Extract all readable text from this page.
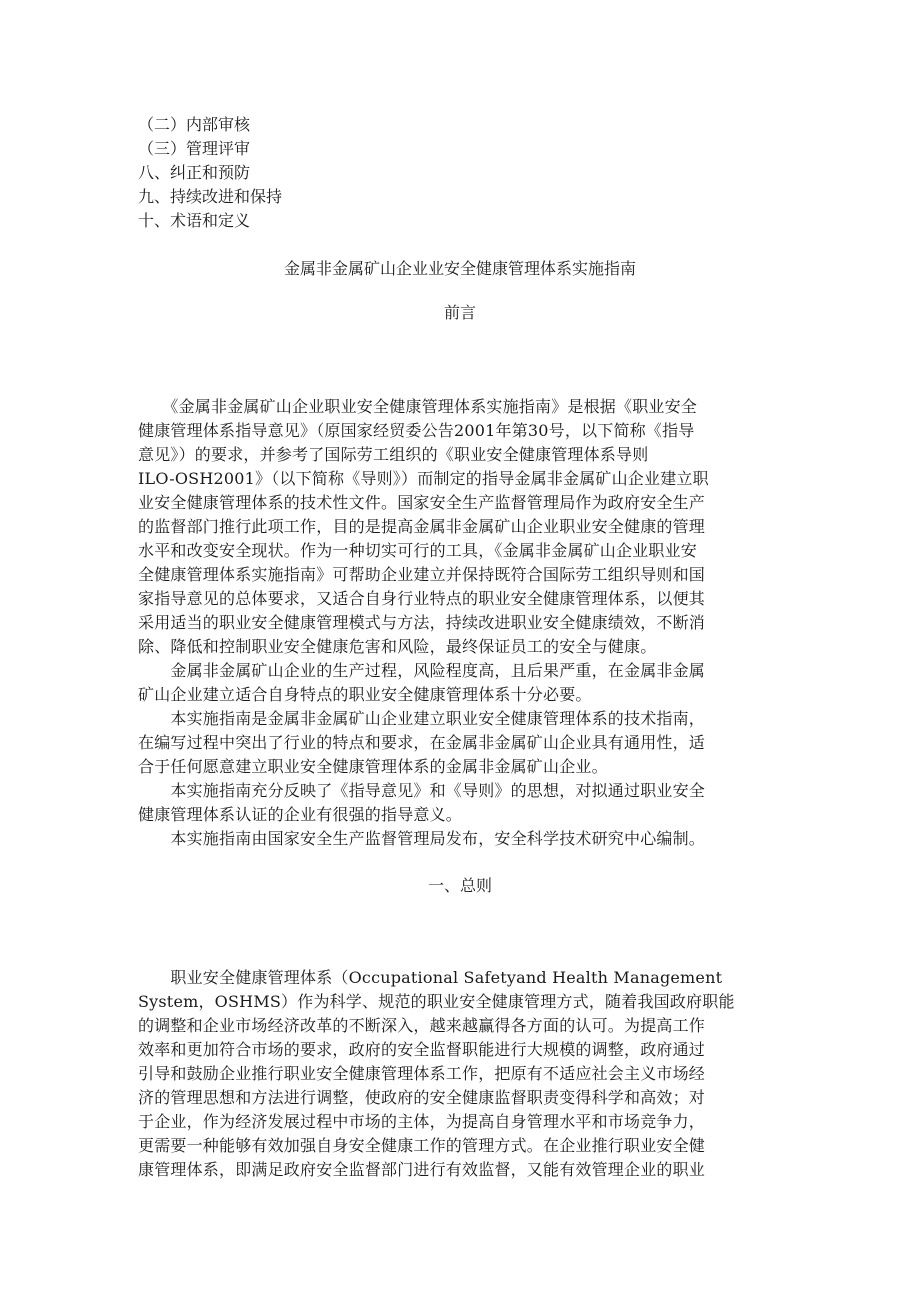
（二）内部审核
（三）管理评审
八、纠正和预防
九、持续改进和保持
十、术语和定义
金属非金属矿山企业业安全健康管理体系实施指南
前言
　　《金属非金属矿山企业职业安全健康管理体系实施指南》是根据《职业安全
健康管理体系指导意见》（原国家经贸委公告2001年第30号，以下简称《指导
意见》）的要求，并参考了国际劳工组织的《职业安全健康管理体系导则
ILO-OSH2001》（以下简称《导则》）而制定的指导金属非金属矿山企业建立职
业安全健康管理体系的技术性文件。国家安全生产监督管理局作为政府安全生产
的监督部门推行此项工作，目的是提高金属非金属矿山企业职业安全健康的管理
水平和改变安全现状。作为一种切实可行的工具，《金属非金属矿山企业职业安
全健康管理体系实施指南》可帮助企业建立并保持既符合国际劳工组织导则和国
家指导意见的总体要求，又适合自身行业特点的职业安全健康管理体系，以便其
采用适当的职业安全健康管理模式与方法，持续改进职业安全健康绩效，不断消
除、降低和控制职业安全健康危害和风险，最终保证员工的安全与健康。
　　金属非金属矿山企业的生产过程，风险程度高，且后果严重，在金属非金属
矿山企业建立适合自身特点的职业安全健康管理体系十分必要。
　　本实施指南是金属非金属矿山企业建立职业安全健康管理体系的技术指南，
在编写过程中突出了行业的特点和要求，在金属非金属矿山企业具有通用性，适
合于任何愿意建立职业安全健康管理体系的金属非金属矿山企业。
　　本实施指南充分反映了《指导意见》和《导则》的思想，对拟通过职业安全
健康管理体系认证的企业有很强的指导意义。
　　本实施指南由国家安全生产监督管理局发布，安全科学技术研究中心编制。
一、总则
　　职业安全健康管理体系（Occupational Safetyand Health Management
System，OSHMS）作为科学、规范的职业安全健康管理方式，随着我国政府职能
的调整和企业市场经济改革的不断深入，越来越赢得各方面的认可。为提高工作
效率和更加符合市场的要求，政府的安全监督职能进行大规模的调整，政府通过
引导和鼓励企业推行职业安全健康管理体系工作，把原有不适应社会主义市场经
济的管理思想和方法进行调整，使政府的安全健康监督职责变得科学和高效；对
于企业，作为经济发展过程中市场的主体，为提高自身管理水平和市场竞争力，
更需要一种能够有效加强自身安全健康工作的管理方式。在企业推行职业安全健
康管理体系，即满足政府安全监督部门进行有效监督，又能有效管理企业的职业
